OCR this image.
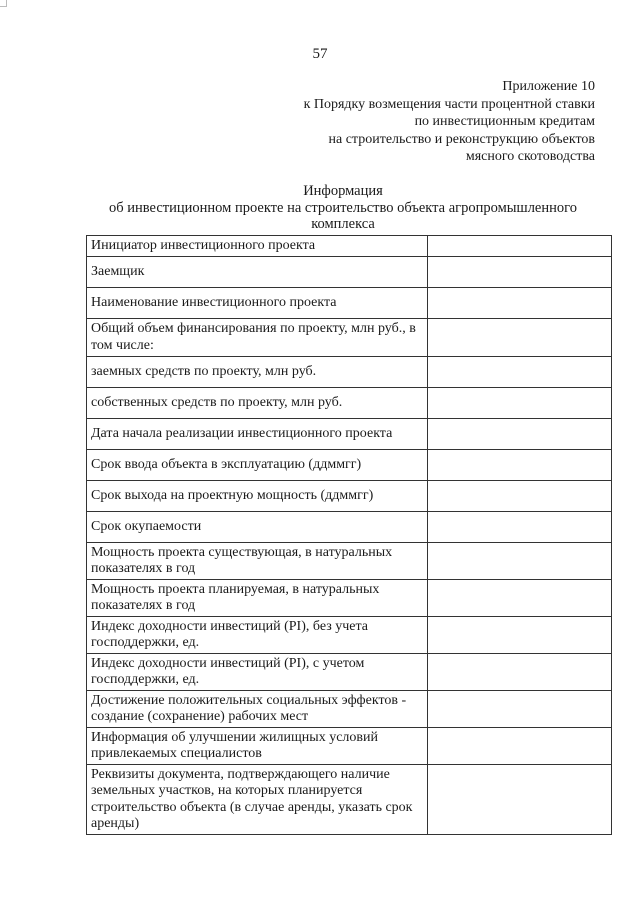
57
Приложение 10
к Порядку возмещения части процентной ставки
по инвестиционным кредитам
на строительство и реконструкцию объектов
мясного скотоводства
Информация
об инвестиционном проекте на строительство объекта агропромышленного
комплекса
Инициатор инвестиционного проекта	
Заемщик	
Наименование инвестиционного проекта	
Общий объем финансирования по проекту, млн руб., в том числе:	
заемных средств по проекту, млн руб.	
собственных средств по проекту, млн руб.	
Дата начала реализации инвестиционного проекта	
Срок ввода объекта в эксплуатацию (ддммгг)	
Срок выхода на проектную мощность (ддммгг)	
Срок окупаемости	
Мощность проекта существующая, в натуральных показателях в год	
Мощность проекта планируемая, в натуральных показателях в год	
Индекс доходности инвестиций (PI), без учета господдержки, ед.	
Индекс доходности инвестиций (PI), с учетом господдержки, ед.	
Достижение положительных социальных эффектов - создание (сохранение) рабочих мест	
Информация об улучшении жилищных условий привлекаемых специалистов	
Реквизиты документа, подтверждающего наличие земельных участков, на которых планируется строительство объекта (в случае аренды, указать срок аренды)	
